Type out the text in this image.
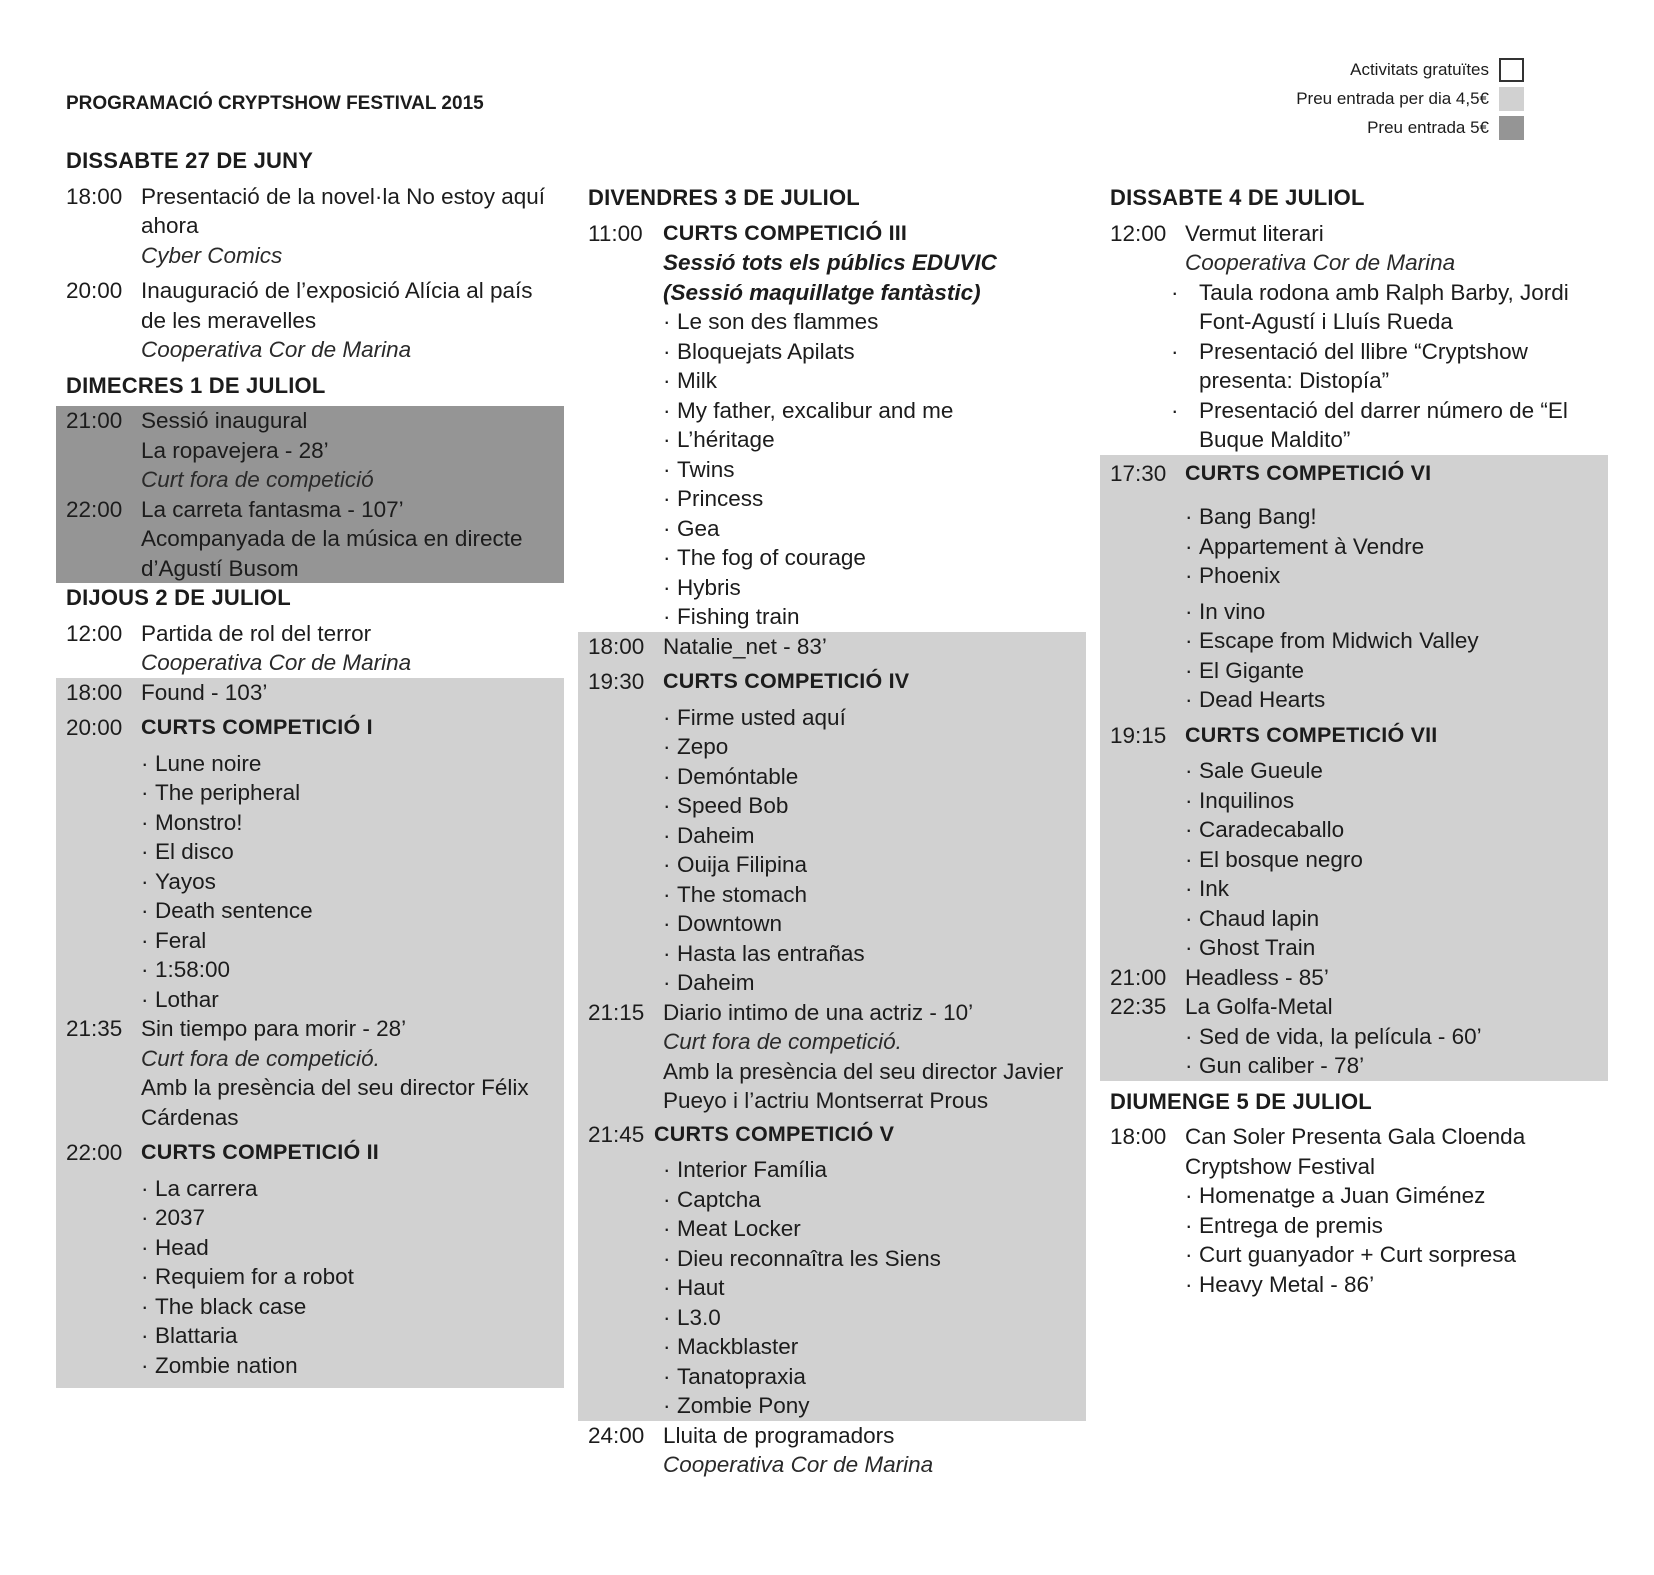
PROGRAMACIÓ CRYPTSHOW FESTIVAL 2015
Activitats gratuïtes
Preu entrada per dia 4,5€
Preu entrada 5€
DISSABTE 27 DE JUNY
18:00 Presentació de la novel·la No estoy aquí ahora
Cyber Comics
20:00 Inauguració de l’exposició Alícia al país de les meravelles
Cooperativa Cor de Marina
DIMECRES 1 DE JULIOL
21:00 Sessió inaugural
La ropavejera - 28’
Curt fora de competició
22:00 La carreta fantasma - 107’
Acompanyada de la música en directe d’Agustí Busom
DIJOUS 2 DE JULIOL
12:00 Partida de rol del terror
Cooperativa Cor de Marina
18:00 Found - 103’
20:00 CURTS COMPETICIÓ I
· Lune noire
· The peripheral
· Monstro!
· El disco
· Yayos
· Death sentence
· Feral
· 1:58:00
· Lothar
21:35 Sin tiempo para morir - 28’
Curt fora de competició.
Amb la presència del seu director Félix Cárdenas
22:00 CURTS COMPETICIÓ II
· La carrera
· 2037
· Head
· Requiem for a robot
· The black case
· Blattaria
· Zombie nation
DIVENDRES 3 DE JULIOL
11:00 CURTS COMPETICIÓ III
Sessió tots els públics EDUVIC
(Sessió maquillatge fantàstic)
· Le son des flammes
· Bloquejats Apilats
· Milk
· My father, excalibur and me
· L’héritage
· Twins
· Princess
· Gea
· The fog of courage
· Hybris
· Fishing train
18:00 Natalie_net - 83’
19:30 CURTS COMPETICIÓ IV
· Firme usted aquí
· Zepo
· Demóntable
· Speed Bob
· Daheim
· Ouija Filipina
· The stomach
· Downtown
· Hasta las entrañas
· Daheim
21:15 Diario intimo de una actriz - 10’
Curt fora de competició.
Amb la presència del seu director Javier Pueyo i l’actriu Montserrat Prous
21:45 CURTS COMPETICIÓ V
· Interior Família
· Captcha
· Meat Locker
· Dieu reconnaîtra les Siens
· Haut
· L3.0
· Mackblaster
· Tanatopraxia
· Zombie Pony
24:00 Lluita de programadors
Cooperativa Cor de Marina
DISSABTE 4 DE JULIOL
12:00 Vermut literari
Cooperativa Cor de Marina
· Taula rodona amb Ralph Barby, Jordi Font-Agustí i Lluís Rueda
· Presentació del llibre “Cryptshow presenta: Distopía”
· Presentació del darrer número de “El Buque Maldito”
17:30 CURTS COMPETICIÓ VI
· Bang Bang!
· Appartement à Vendre
· Phoenix
· In vino
· Escape from Midwich Valley
· El Gigante
· Dead Hearts
19:15 CURTS COMPETICIÓ VII
· Sale Gueule
· Inquilinos
· Caradecaballo
· El bosque negro
· Ink
· Chaud lapin
· Ghost Train
21:00 Headless - 85’
22:35 La Golfa-Metal
· Sed de vida, la película - 60’
· Gun caliber - 78’
DIUMENGE 5 DE JULIOL
18:00 Can Soler Presenta Gala Cloenda Cryptshow Festival
· Homenatge a Juan Giménez
· Entrega de premis
· Curt guanyador + Curt sorpresa
· Heavy Metal - 86’
